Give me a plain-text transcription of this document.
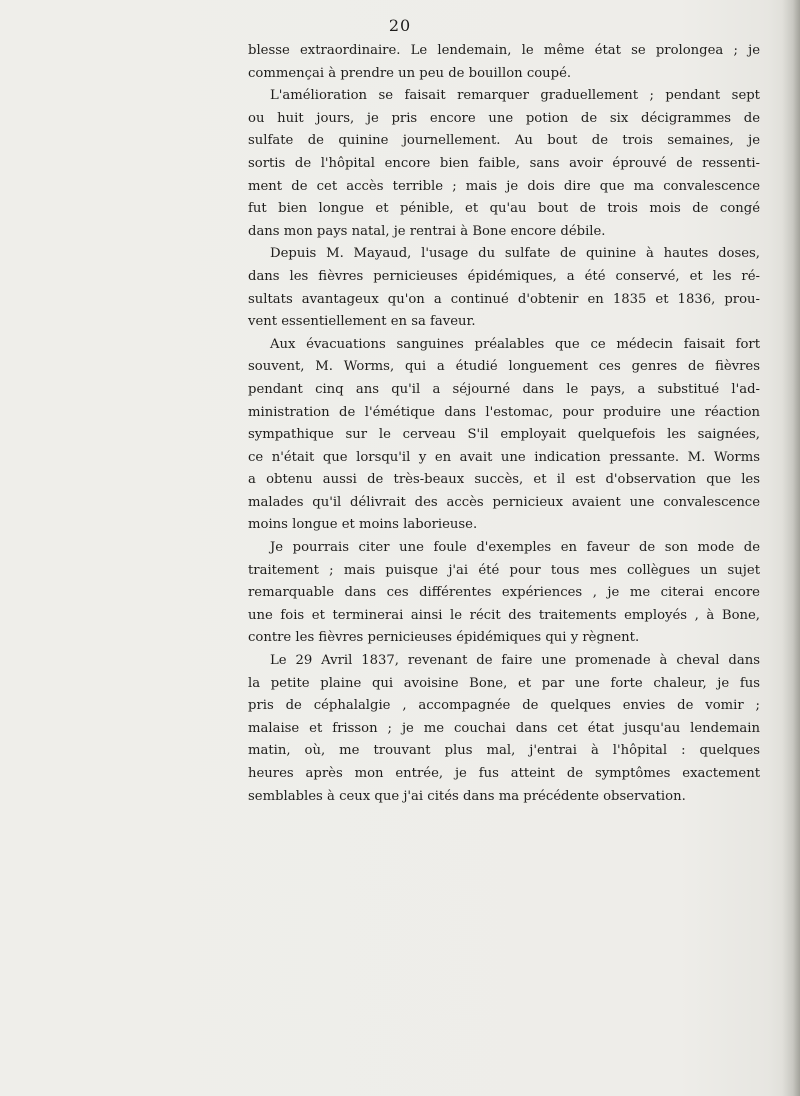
20
blesse extraordinaire. Le lendemain, le même état se prolongea ; je
commençai à prendre un peu de bouillon coupé.
L'amélioration se faisait remarquer graduellement ; pendant sept
ou huit jours, je pris encore une potion de six décigrammes de
sulfate de quinine journellement. Au bout de trois semaines, je
sortis de l'hôpital encore bien faible, sans avoir éprouvé de ressenti-
ment de cet accès terrible ; mais je dois dire que ma convalescence
fut bien longue et pénible, et qu'au bout de trois mois de congé
dans mon pays natal, je rentrai à Bone encore débile.
Depuis M. Mayaud, l'usage du sulfate de quinine à hautes doses,
dans les fièvres pernicieuses épidémiques, a été conservé, et les ré-
sultats avantageux qu'on a continué d'obtenir en 1835 et 1836, prou-
vent essentiellement en sa faveur.
Aux évacuations sanguines préalables que ce médecin faisait fort
souvent, M. Worms, qui a étudié longuement ces genres de fièvres
pendant cinq ans qu'il a séjourné dans le pays, a substitué l'ad-
ministration de l'émétique dans l'estomac, pour produire une réaction
sympathique sur le cerveau S'il employait quelquefois les saignées,
ce n'était que lorsqu'il y en avait une indication pressante. M. Worms
a obtenu aussi de très-beaux succès, et il est d'observation que les
malades qu'il délivrait des accès pernicieux avaient une convalescence
moins longue et moins laborieuse.
Je pourrais citer une foule d'exemples en faveur de son mode de
traitement ; mais puisque j'ai été pour tous mes collègues un sujet
remarquable dans ces différentes expériences , je me citerai encore
une fois et terminerai ainsi le récit des traitements employés , à Bone,
contre les fièvres pernicieuses épidémiques qui y règnent.
Le 29 Avril 1837, revenant de faire une promenade à cheval dans
la petite plaine qui avoisine Bone, et par une forte chaleur, je fus
pris de céphalalgie , accompagnée de quelques envies de vomir ;
malaise et frisson ; je me couchai dans cet état jusqu'au lendemain
matin, où, me trouvant plus mal, j'entrai à l'hôpital : quelques
heures après mon entrée, je fus atteint de symptômes exactement
semblables à ceux que j'ai cités dans ma précédente observation.
